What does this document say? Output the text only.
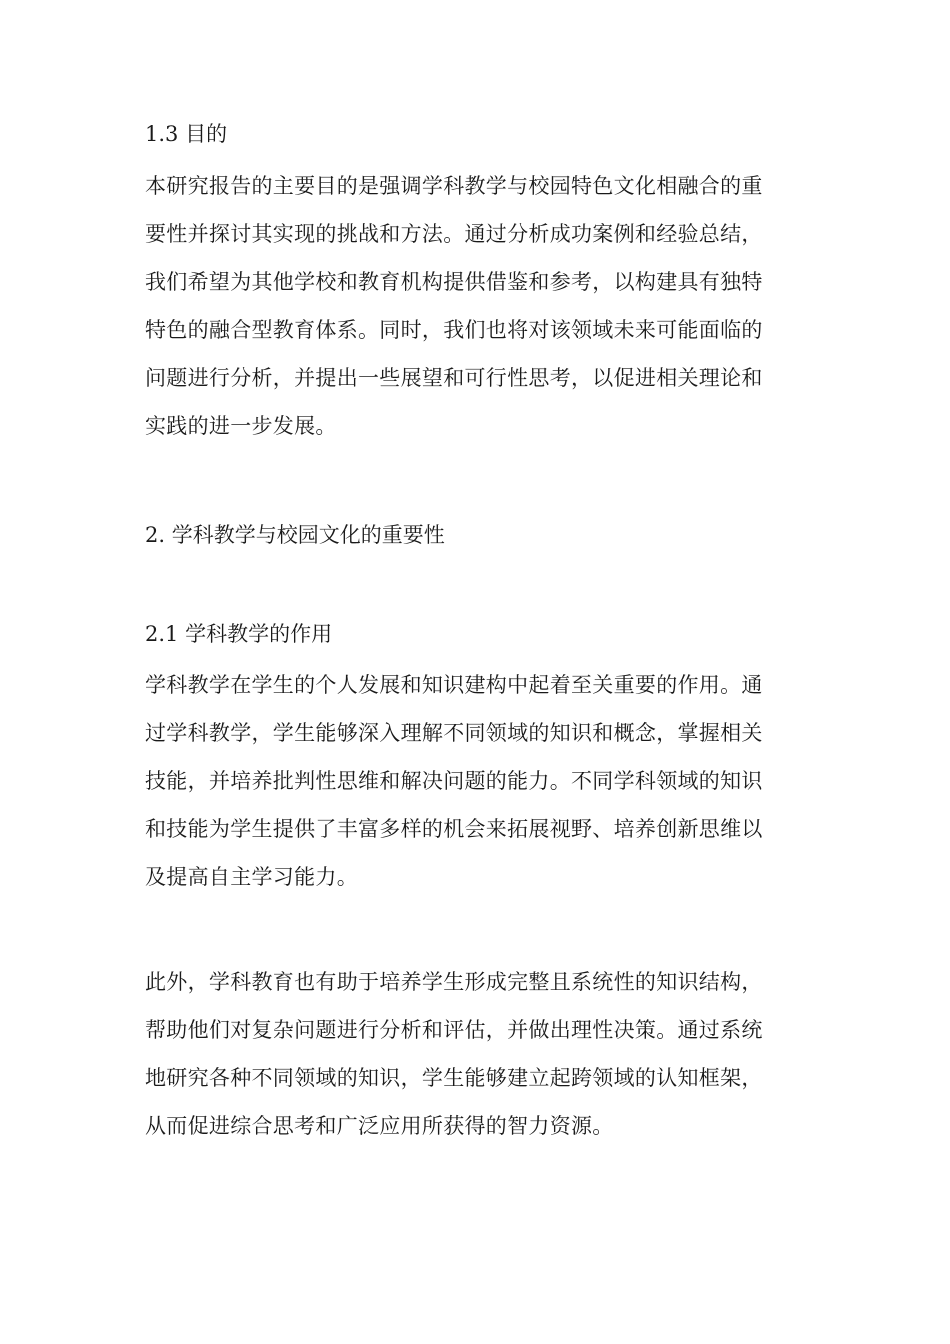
1.3 目的
本研究报告的主要目的是强调学科教学与校园特色文化相融合的重
要性并探讨其实现的挑战和方法。通过分析成功案例和经验总结，
我们希望为其他学校和教育机构提供借鉴和参考，以构建具有独特
特色的融合型教育体系。同时，我们也将对该领域未来可能面临的
问题进行分析，并提出一些展望和可行性思考，以促进相关理论和
实践的进一步发展。
2. 学科教学与校园文化的重要性
2.1 学科教学的作用
学科教学在学生的个人发展和知识建构中起着至关重要的作用。通
过学科教学，学生能够深入理解不同领域的知识和概念，掌握相关
技能，并培养批判性思维和解决问题的能力。不同学科领域的知识
和技能为学生提供了丰富多样的机会来拓展视野、培养创新思维以
及提高自主学习能力。
此外，学科教育也有助于培养学生形成完整且系统性的知识结构，
帮助他们对复杂问题进行分析和评估，并做出理性决策。通过系统
地研究各种不同领域的知识，学生能够建立起跨领域的认知框架，
从而促进综合思考和广泛应用所获得的智力资源。
